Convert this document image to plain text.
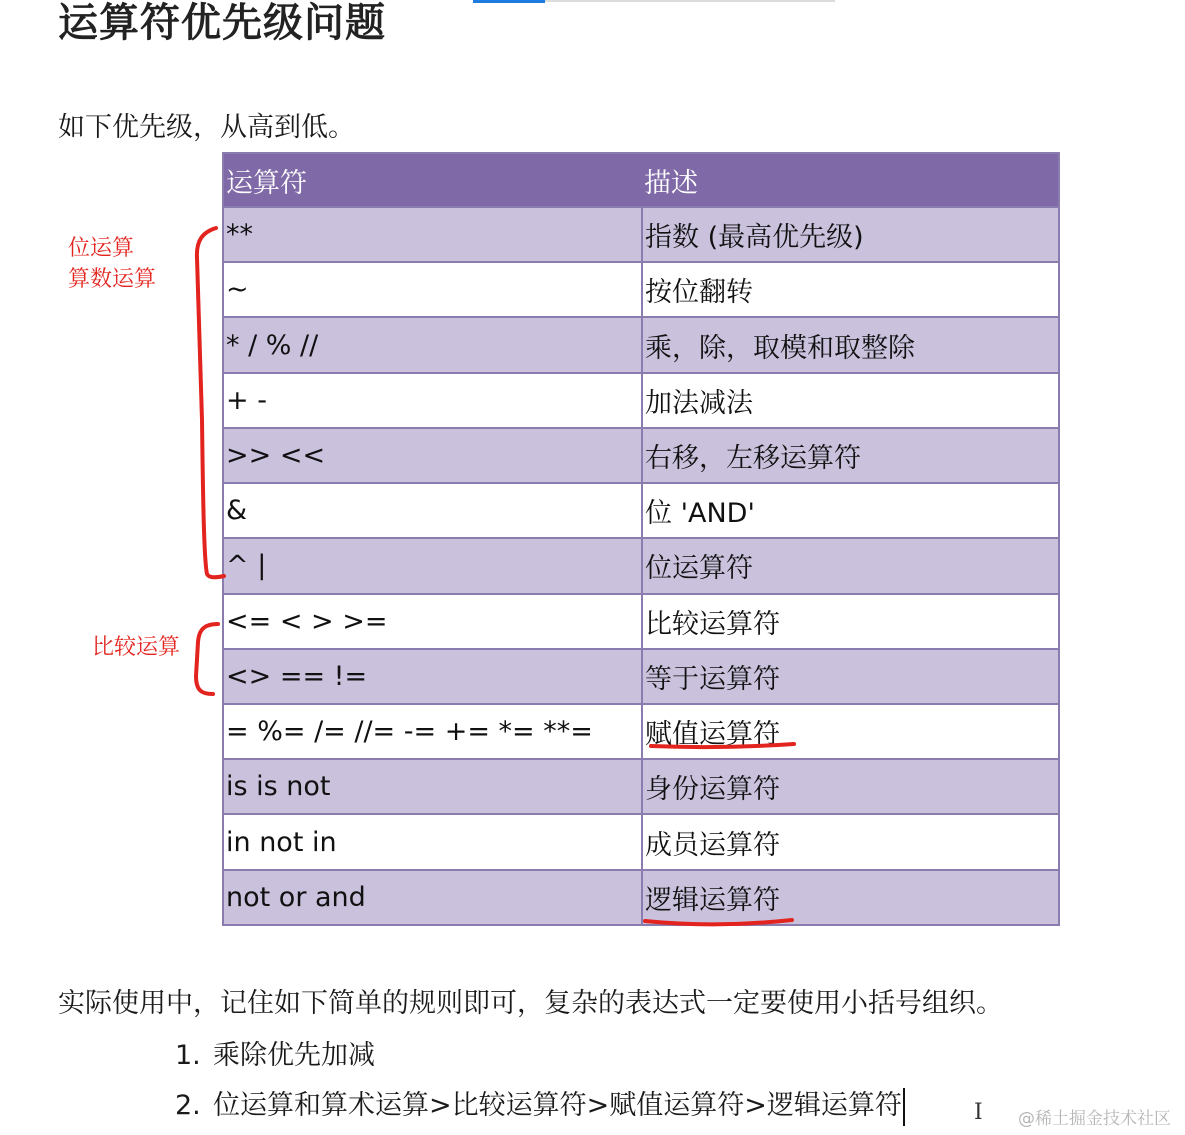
运算符优先级问题
如下优先级，从高到低。
运算符	描述
**	指数 (最高优先级)
~	按位翻转
* / % //	乘，除，取模和取整除
+ -	加法减法
>> <<	右移，左移运算符
&	位 'AND'
^ |	位运算符
<= < > >=	比较运算符
<> == !=	等于运算符
= %= /= //= -= += *= **=	赋值运算符
is is not	身份运算符
in not in	成员运算符
not or and	逻辑运算符
位运算
算数运算
比较运算
实际使用中，记住如下简单的规则即可，复杂的表达式一定要使用小括号组织。
1. 乘除优先加减
2. 位运算和算术运算>比较运算符>赋值运算符>逻辑运算符	I @稀土掘金技术社区
